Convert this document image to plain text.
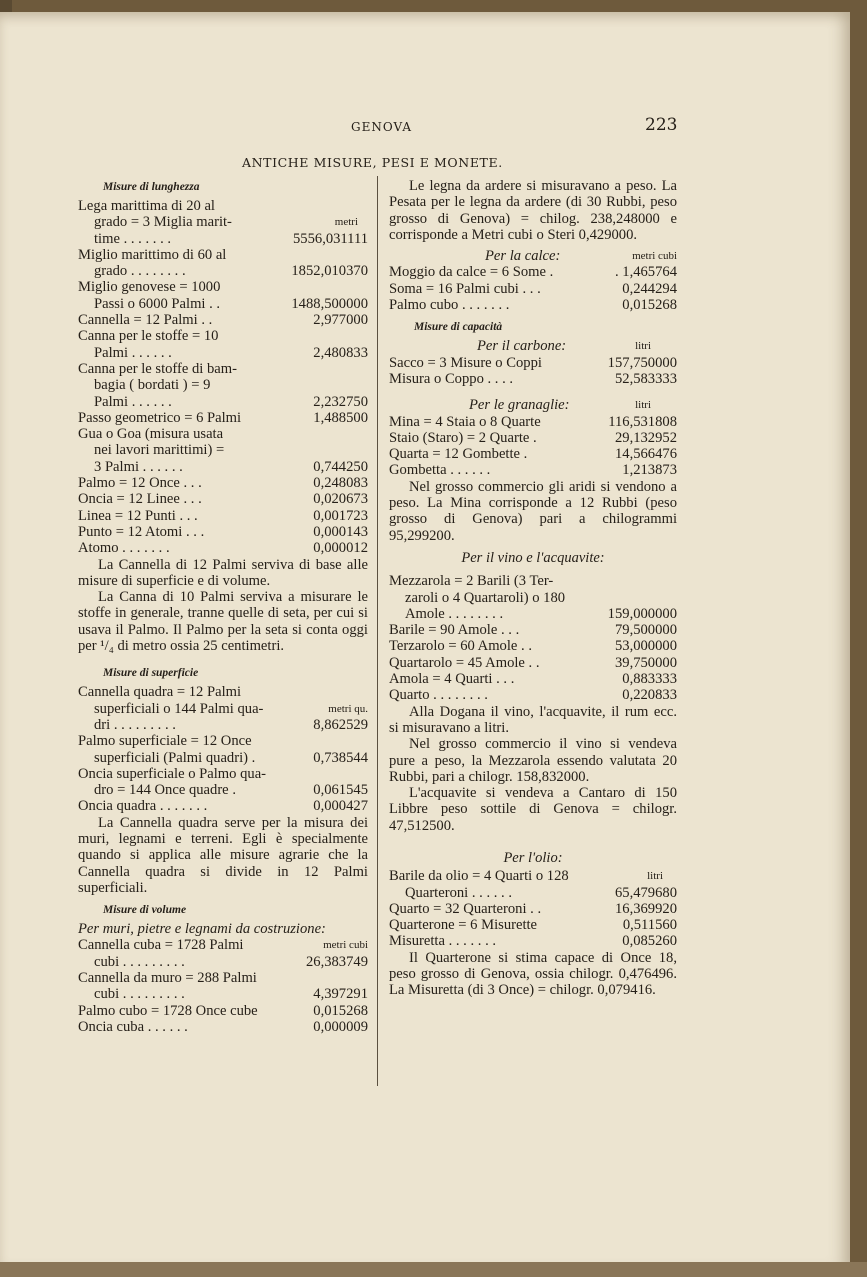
GENOVA	223
ANTICHE MISURE, PESI E MONETE.
Misure di lunghezza
Lega marittima di 20 al
grado = 3 Miglia marit-	metri
time . . . . . . .	5556,031111
Miglio marittimo di 60 al
grado . . . . . . . .	1852,010370
Miglio genovese = 1000
Passi o 6000 Palmi . .	1488,500000
Cannella = 12 Palmi . .	2,977000
Canna per le stoffe = 10
Palmi . . . . . .	2,480833
Canna per le stoffe di bam-
bagia ( bordati ) = 9
Palmi . . . . . .	2,232750
Passo geometrico = 6 Palmi	1,488500
Gua o Goa (misura usata
nei lavori marittimi) =
3 Palmi . . . . . .	0,744250
Palmo = 12 Once . . .	0,248083
Oncia = 12 Linee . . .	0,020673
Linea = 12 Punti . . .	0,001723
Punto = 12 Atomi . . .	0,000143
Atomo . . . . . . .	0,000012
La Cannella di 12 Palmi serviva di base alle misure di superficie e di volume.
La Canna di 10 Palmi serviva a misurare le stoffe in generale, tranne quelle di seta, per cui si usava il Palmo. Il Palmo per la seta si conta oggi per ¹/₄ di metro ossia 25 centimetri.
Misure di superficie
Cannella quadra = 12 Palmi
superficiali o 144 Palmi qua-	metri qu.
dri . . . . . . . . .	8,862529
Palmo superficiale = 12 Once
superficiali (Palmi quadri) .	0,738544
Oncia superficiale o Palmo qua-
dro = 144 Once quadre .	0,061545
Oncia quadra . . . . . . .	0,000427
La Cannella quadra serve per la misura dei muri, legnami e terreni. Egli è specialmente quando si applica alle misure agrarie che la Cannella quadra si divide in 12 Palmi superficiali.
Misure di volume
Per muri, pietre e legnami da costruzione:
Cannella cuba = 1728 Palmi	metri cubi
cubi . . . . . . . . .	26,383749
Cannella da muro = 288 Palmi
cubi . . . . . . . . .	4,397291
Palmo cubo = 1728 Once cube	0,015268
Oncia cuba . . . . . .	0,000009
Le legna da ardere si misuravano a peso. La Pesata per le legna da ardere (di 30 Rubbi, peso grosso di Genova) = chilog. 238,248000 e corrisponde a Metri cubi o Steri 0,429000.
Per la calce:	metri cubi
Moggio da calce = 6 Some .	. 1,465764
Soma = 16 Palmi cubi . . .	0,244294
Palmo cubo . . . . . . .	0,015268
Misure di capacità
Per il carbone:	litri
Sacco = 3 Misure o Coppi	157,750000
Misura o Coppo . . . .	52,583333
Per le granaglie:	litri
Mina = 4 Staia o 8 Quarte	116,531808
Staio (Staro) = 2 Quarte .	29,132952
Quarta = 12 Gombette .	14,566476
Gombetta . . . . . .	1,213873
Nel grosso commercio gli aridi si vendono a peso. La Mina corrisponde a 12 Rubbi (peso grosso di Genova) pari a chilogrammi 95,299200.
Per il vino e l'acquavite:
Mezzarola = 2 Barili (3 Ter-
zaroli o 4 Quartaroli) o 180
Amole . . . . . . . .	159,000000
Barile = 90 Amole . . .	79,500000
Terzarolo = 60 Amole . .	53,000000
Quartarolo = 45 Amole . .	39,750000
Amola = 4 Quarti . . .	0,883333
Quarto . . . . . . . .	0,220833
Alla Dogana il vino, l'acquavite, il rum ecc. si misuravano a litri.
Nel grosso commercio il vino si vendeva pure a peso, la Mezzarola essendo valutata 20 Rubbi, pari a chilogr. 158,832000.
L'acquavite si vendeva a Cantaro di 150 Libbre peso sottile di Genova = chilogr. 47,512500.
Per l'olio:
Barile da olio = 4 Quarti o 128	litri
Quarteroni . . . . . .	65,479680
Quarto = 32 Quarteroni . .	16,369920
Quarterone = 6 Misurette	0,511560
Misuretta . . . . . . .	0,085260
Il Quarterone si stima capace di Once 18, peso grosso di Genova, ossia chilogr. 0,476496. La Misuretta (di 3 Once) = chilogr. 0,079416.
